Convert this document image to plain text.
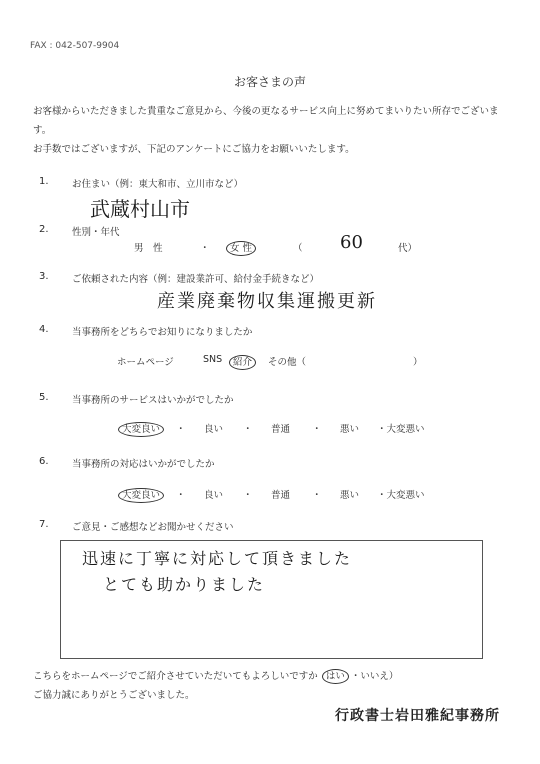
FAX : 042-507-9904
お客さまの声
お客様からいただきました貴重なご意見から、今後の更なるサービス向上に努めてまいりたい所存でございま
す。
お手数ではございますが、下記のアンケートにご協力をお願いいたします。
1. お住まい（例：東大和市、立川市など）
武蔵村山市
2. 性別・年代
男　性	・ 女 性	（ 60	代）
3. ご依頼された内容（例：建設業許可、給付金手続きなど）
産業廃棄物収集運搬更新
4. 当事務所をどちらでお知りになりましたか
ホームページ	SNS 紹介 その他（	）
5. 当事務所のサービスはいかがでしたか
大変良い ・ 良い ・ 普通 ・ 悪い ・大変悪い
6. 当事務所の対応はいかがでしたか
大変良い ・ 良い ・ 普通 ・ 悪い ・大変悪い
7. ご意見・ご感想などお聞かせください
迅速に丁寧に対応して頂きました
とても助かりました
こちらをホームページでご紹介させていただいてもよろしいですか はい ・いいえ）
ご協力誠にありがとうございました。
行政書士岩田雅紀事務所
